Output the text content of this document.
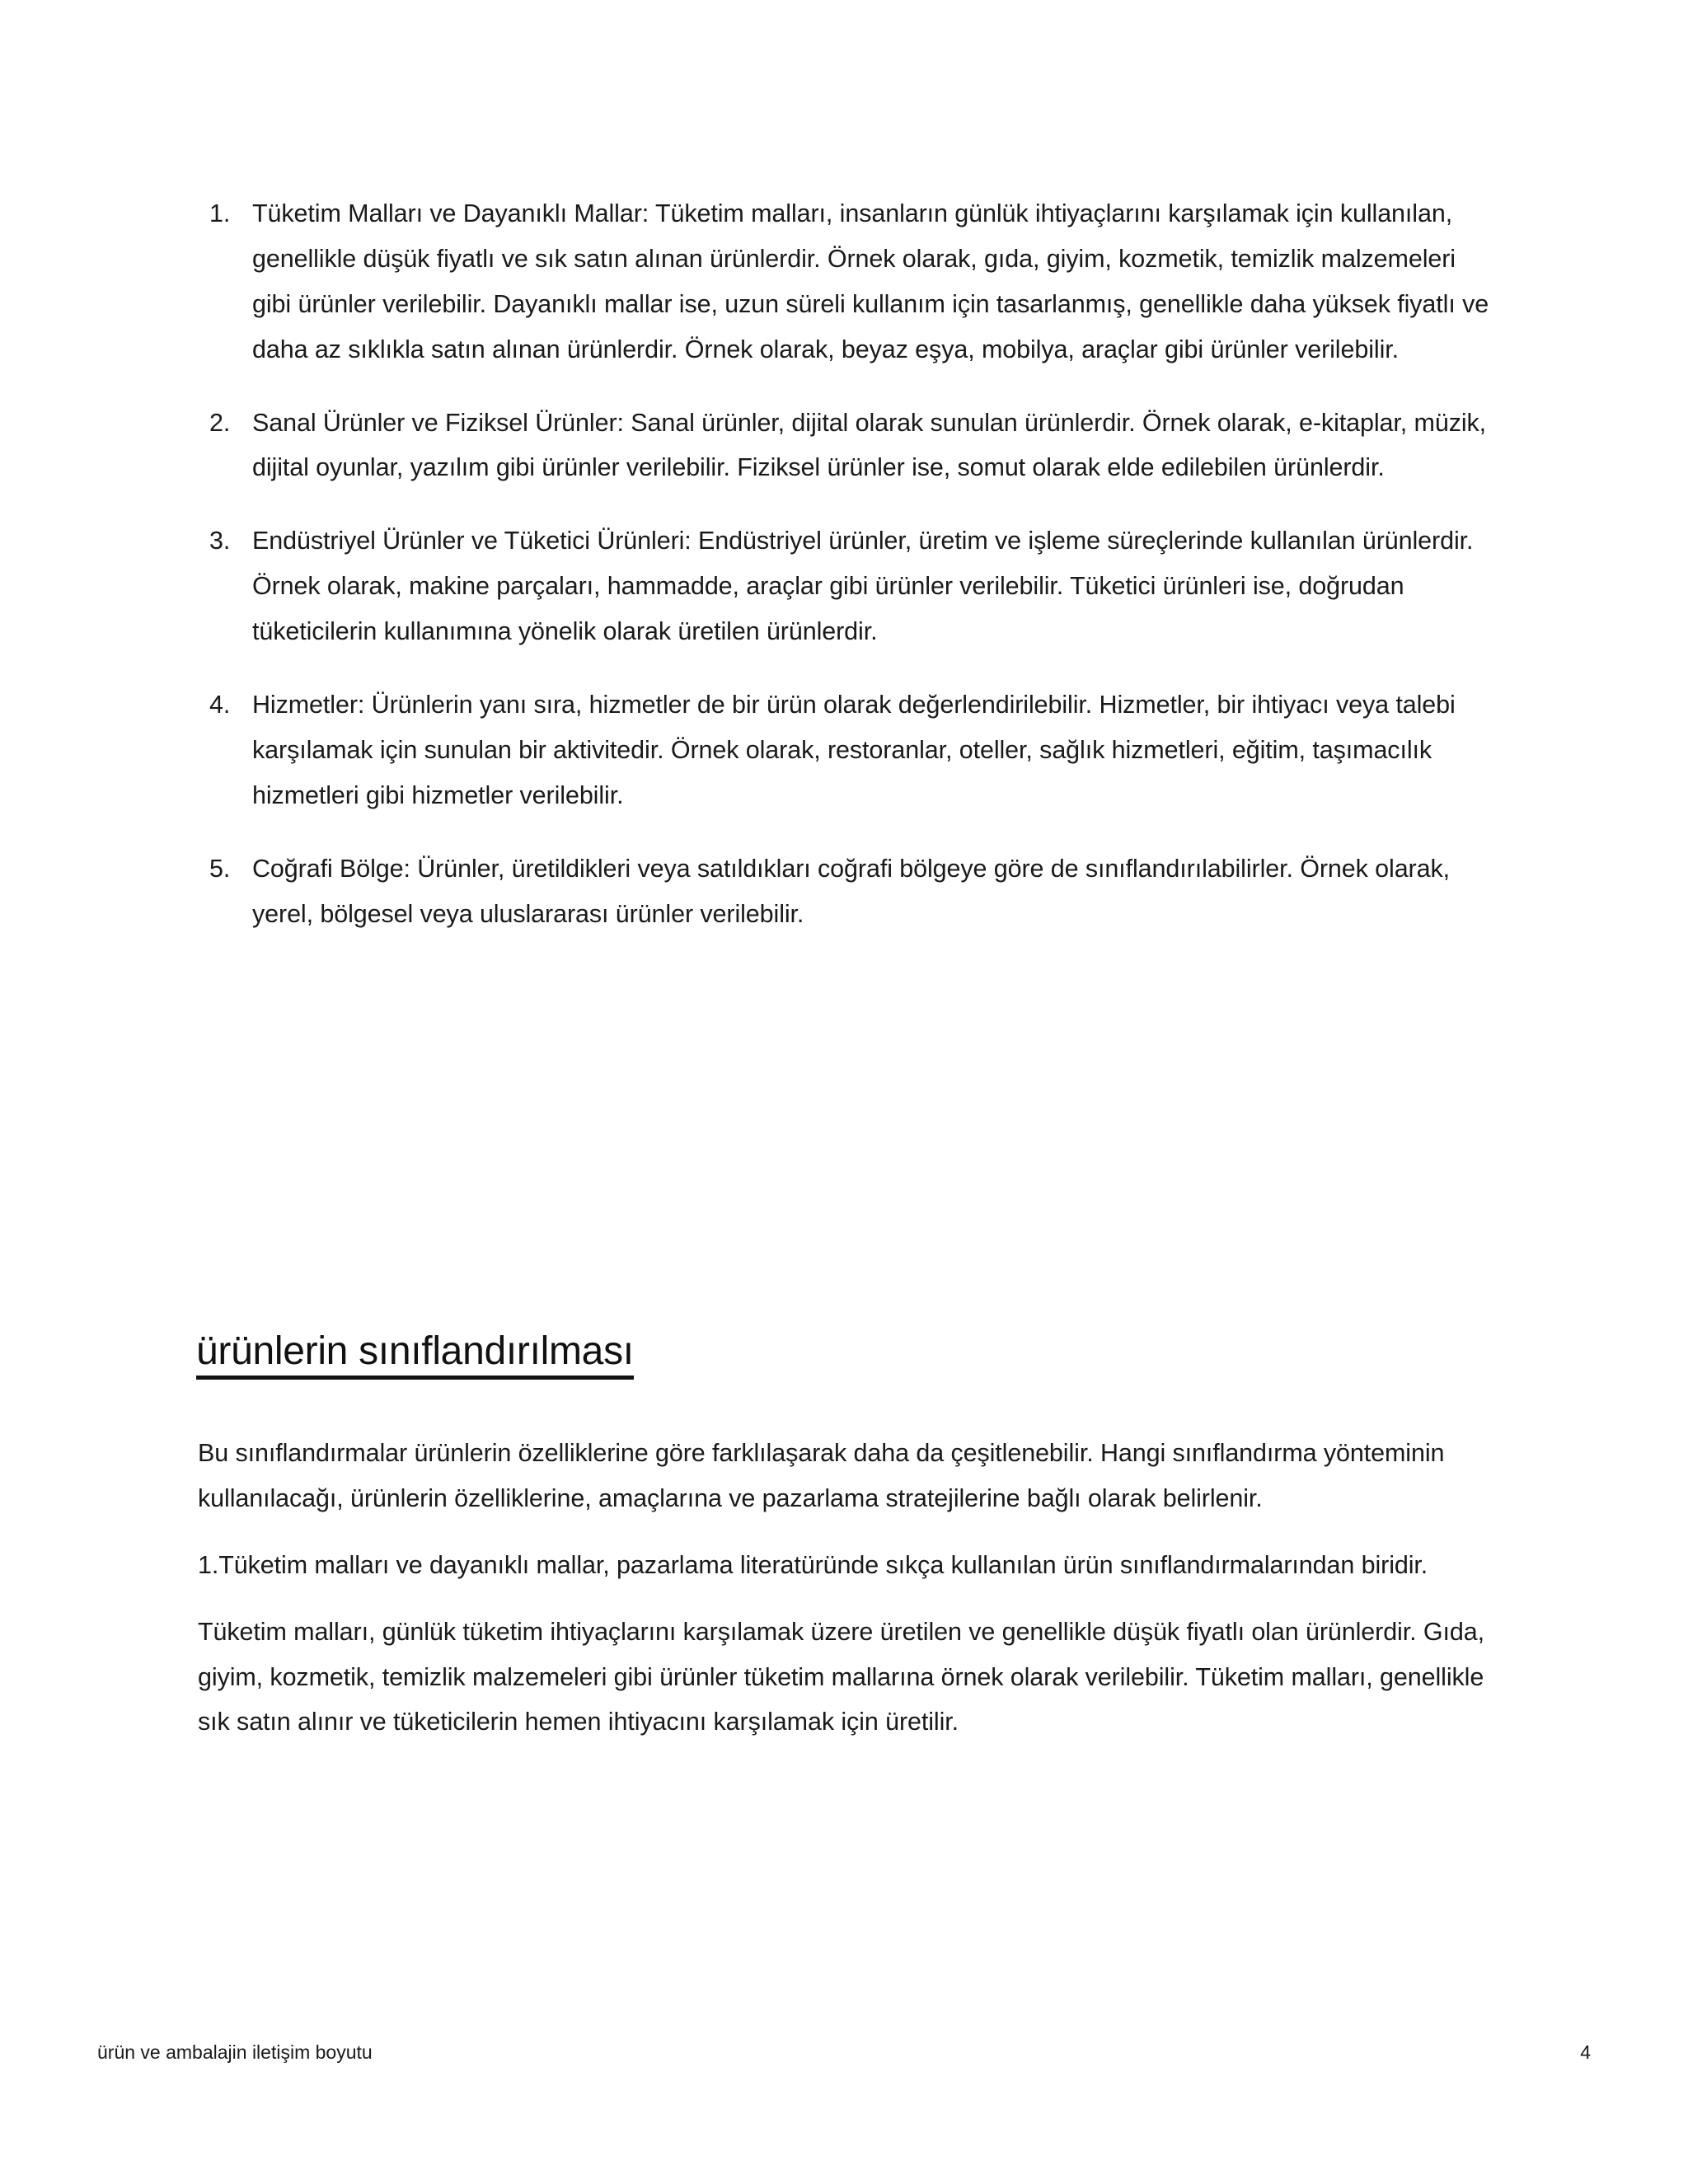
1. Tüketim Malları ve Dayanıklı Mallar: Tüketim malları, insanların günlük ihtiyaçlarını karşılamak için kullanılan, genellikle düşük fiyatlı ve sık satın alınan ürünlerdir. Örnek olarak, gıda, giyim, kozmetik, temizlik malzemeleri gibi ürünler verilebilir. Dayanıklı mallar ise, uzun süreli kullanım için tasarlanmış, genellikle daha yüksek fiyatlı ve daha az sıklıkla satın alınan ürünlerdir. Örnek olarak, beyaz eşya, mobilya, araçlar gibi ürünler verilebilir.
2. Sanal Ürünler ve Fiziksel Ürünler: Sanal ürünler, dijital olarak sunulan ürünlerdir. Örnek olarak, e-kitaplar, müzik, dijital oyunlar, yazılım gibi ürünler verilebilir. Fiziksel ürünler ise, somut olarak elde edilebilen ürünlerdir.
3. Endüstriyel Ürünler ve Tüketici Ürünleri: Endüstriyel ürünler, üretim ve işleme süreçlerinde kullanılan ürünlerdir. Örnek olarak, makine parçaları, hammadde, araçlar gibi ürünler verilebilir. Tüketici ürünleri ise, doğrudan tüketicilerin kullanımına yönelik olarak üretilen ürünlerdir.
4. Hizmetler: Ürünlerin yanı sıra, hizmetler de bir ürün olarak değerlendirilebilir. Hizmetler, bir ihtiyacı veya talebi karşılamak için sunulan bir aktivitedir. Örnek olarak, restoranlar, oteller, sağlık hizmetleri, eğitim, taşımacılık hizmetleri gibi hizmetler verilebilir.
5. Coğrafi Bölge: Ürünler, üretildikleri veya satıldıkları coğrafi bölgeye göre de sınıflandırılabilirler. Örnek olarak, yerel, bölgesel veya uluslararası ürünler verilebilir.
ürünlerin sınıflandırılması

Bu sınıflandırmalar ürünlerin özelliklerine göre farklılaşarak daha da çeşitlenebilir. Hangi sınıflandırma yönteminin kullanılacağı, ürünlerin özelliklerine, amaçlarına ve pazarlama stratejilerine bağlı olarak belirlenir.

1.Tüketim malları ve dayanıklı mallar, pazarlama literatüründe sıkça kullanılan ürün sınıflandırmalarından biridir.

Tüketim malları, günlük tüketim ihtiyaçlarını karşılamak üzere üretilen ve genellikle düşük fiyatlı olan ürünlerdir. Gıda, giyim, kozmetik, temizlik malzemeleri gibi ürünler tüketim mallarına örnek olarak verilebilir. Tüketim malları, genellikle sık satın alınır ve tüketicilerin hemen ihtiyacını karşılamak için üretilir.

ürün ve ambalajin iletişim boyutu	4
